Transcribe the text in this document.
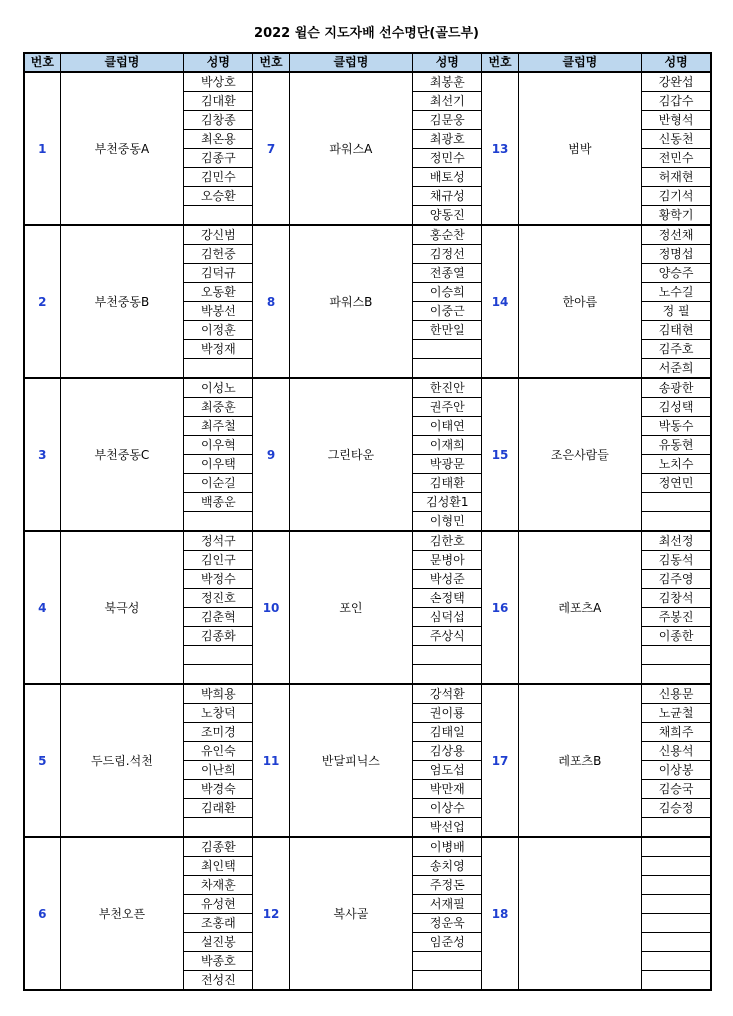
2022 윌슨 지도자배 선수명단(골드부)
번호	클럽명	성명	번호	클럽명	성명	번호	클럽명	성명
1	부천중동A	박상호	7	파워스A	최봉훈	13	범박	강완섭
		김대환			최선기			김갑수
		김창종			김문웅			반형석
		최온용			최광호			신동천
		김종구			정민수			전민수
		김민수			배토성			허재현
		오승환			채규성			김기석
					양동진			황학기
2	부천중동B	강신범	8	파워스B	홍순찬	14	한아름	정선채
		김헌중			김정선			정명섭
		김덕규			전종열			양승주
		오동환			이승희			노수길
		박봉선			이중근			정 필
		이정훈			한만일			김태현
		박정재						김주호
								서준희
3	부천중동C	이성노	9	그린타운	한진안	15	조은사람들	송광한
		최중훈			권주안			김성택
		최주철			이태연			박동수
		이우혁			이재희			유동현
		이우택			박광문			노치수
		이순길			김태환			정연민
		백종운			김성환1			
					이형민			
4	북극성	정석구	10	포인	김한호	16	레포츠A	최선정
		김인구			문병아			김동석
		박정수			박성준			김주영
		정진호			손정택			김창석
		김춘혁			심덕섭			주봉진
		김종화			주상식			이종한

5	두드림.석천	박희용	11	반달피닉스	강석환	17	레포츠B	신용문
		노창덕			권이룡			노균철
		조미경			김태일			채희주
		유인숙			김상용			신용석
		이난희			엄도섭			이상봉
		박경숙			박만재			김승국
		김래환			이상수			김승정
					박선업			
6	부천오픈	김종환	12	복사골	이병배	18		
		최인택			송치영			
		차재훈			주정돈			
		유성현			서재필			
		조홍래			정운욱			
		설진봉			임준성			
		박종호						
		전성진						
